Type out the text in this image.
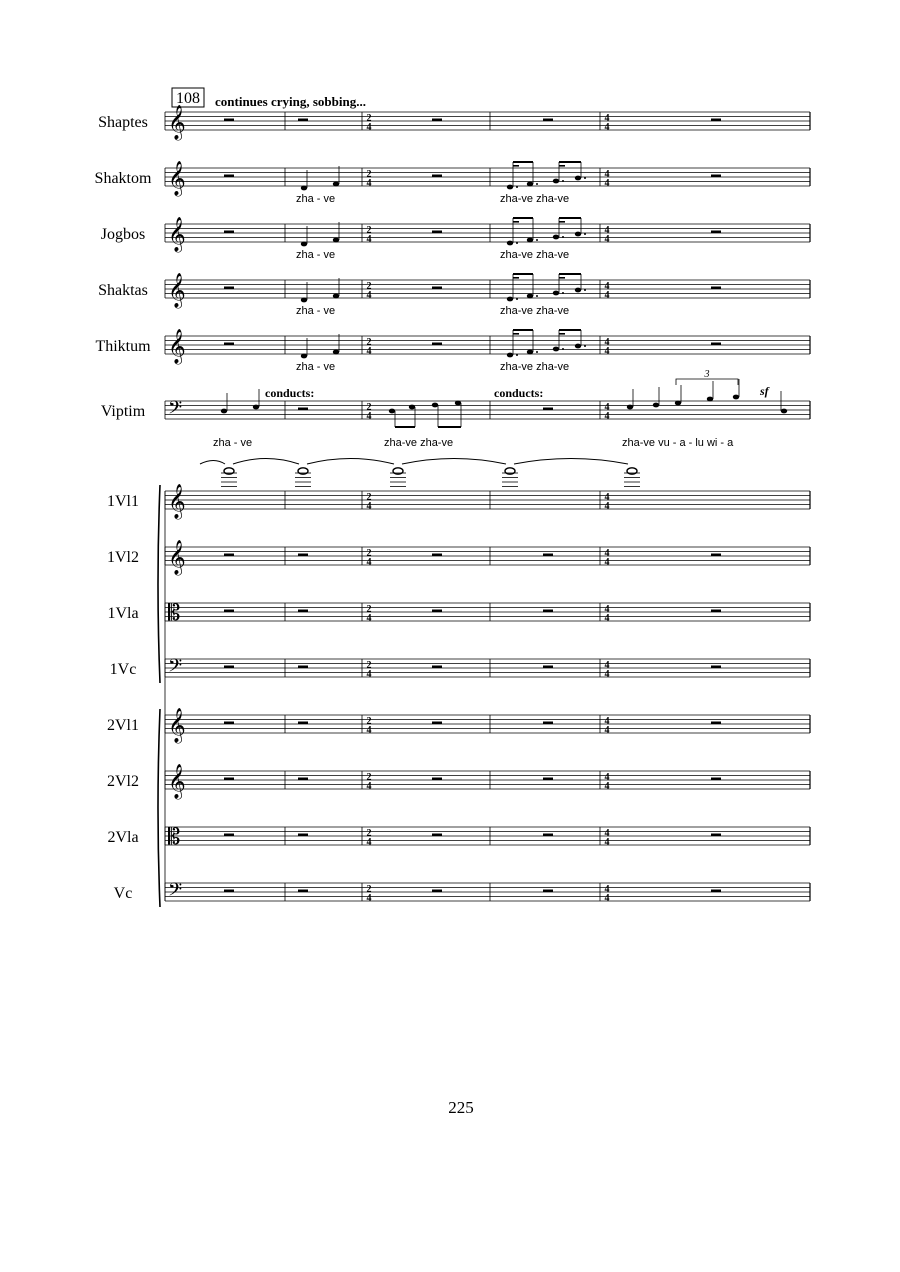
Shaptes 𝄞	2
4
4
4
Shaktom 𝄞	2
4
4
4
zha - ve	zha-ve zha-ve
Jogbos 𝄞	2
4
4
4
zha - ve	zha-ve zha-ve
Shaktas 𝄞	2
4
4
4
zha - ve	zha-ve zha-ve
Thiktum 𝄞	2
4
4
4
zha - ve	zha-ve zha-ve
Viptim 𝄢	2
4
4
4
zha - ve	zha-ve zha-ve	zha-ve vu - a - lu wi - a
conducts:	conducts:
1Vl1 𝄞	2
4
4
4
1Vl2 𝄞	2
4
4
4
1Vla 𝄡	2
4
4
4
1Vc 𝄢	2
4
4
4
2Vl1 𝄞	2
4
4
4
2Vl2 𝄞	2
4
4
4
2Vla 𝄡	2
4
4
4
Vc 𝄢	2
4
4
4
3
sf
108 continues crying, sobbing...
225
